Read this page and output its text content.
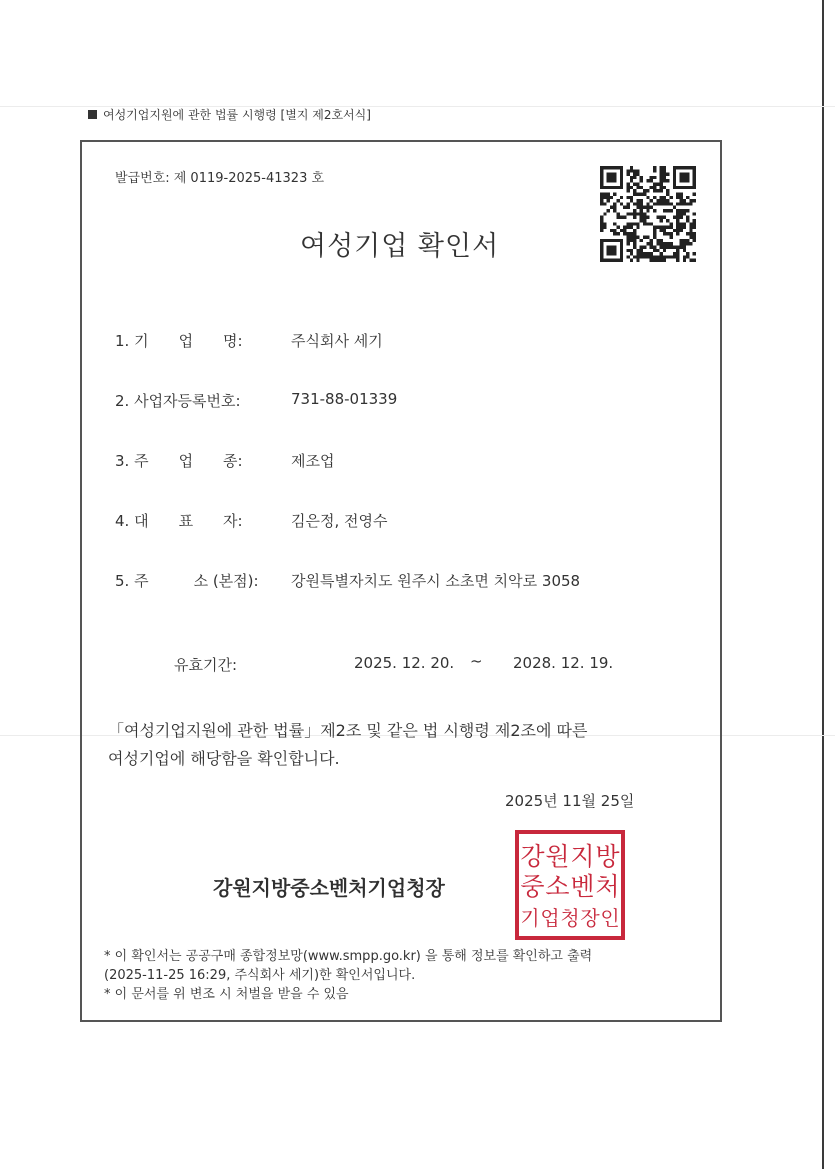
여성기업지원에 관한 법률 시행령 [별지 제2호서식]
발급번호: 제 0119-2025-41323 호
여성기업 확인서
1. 기　　업　　명:	주식회사 세기
2. 사업자등록번호:	731-88-01339
3. 주　　업　　종:	제조업
4. 대　　표　　자:	김은정, 전영수
5. 주　　　소 (본점): 강원특별자치도 원주시 소초면 치악로 3058
유효기간:	2025. 12. 20. ~ 2028. 12. 19.
「여성기업지원에 관한 법률」제2조 및 같은 법 시행령 제2조에 따른
여성기업에 해당함을 확인합니다.
2025년 11월 25일
강원지방중소벤처기업청장
강 원 지 방
중 소 벤 처
기 업 청 장 인
* 이 확인서는 공공구매 종합정보망(www.smpp.go.kr) 을 통해 정보를 확인하고 출력
(2025-11-25 16:29, 주식회사 세기)한 확인서입니다.
* 이 문서를 위 변조 시 처벌을 받을 수 있음
